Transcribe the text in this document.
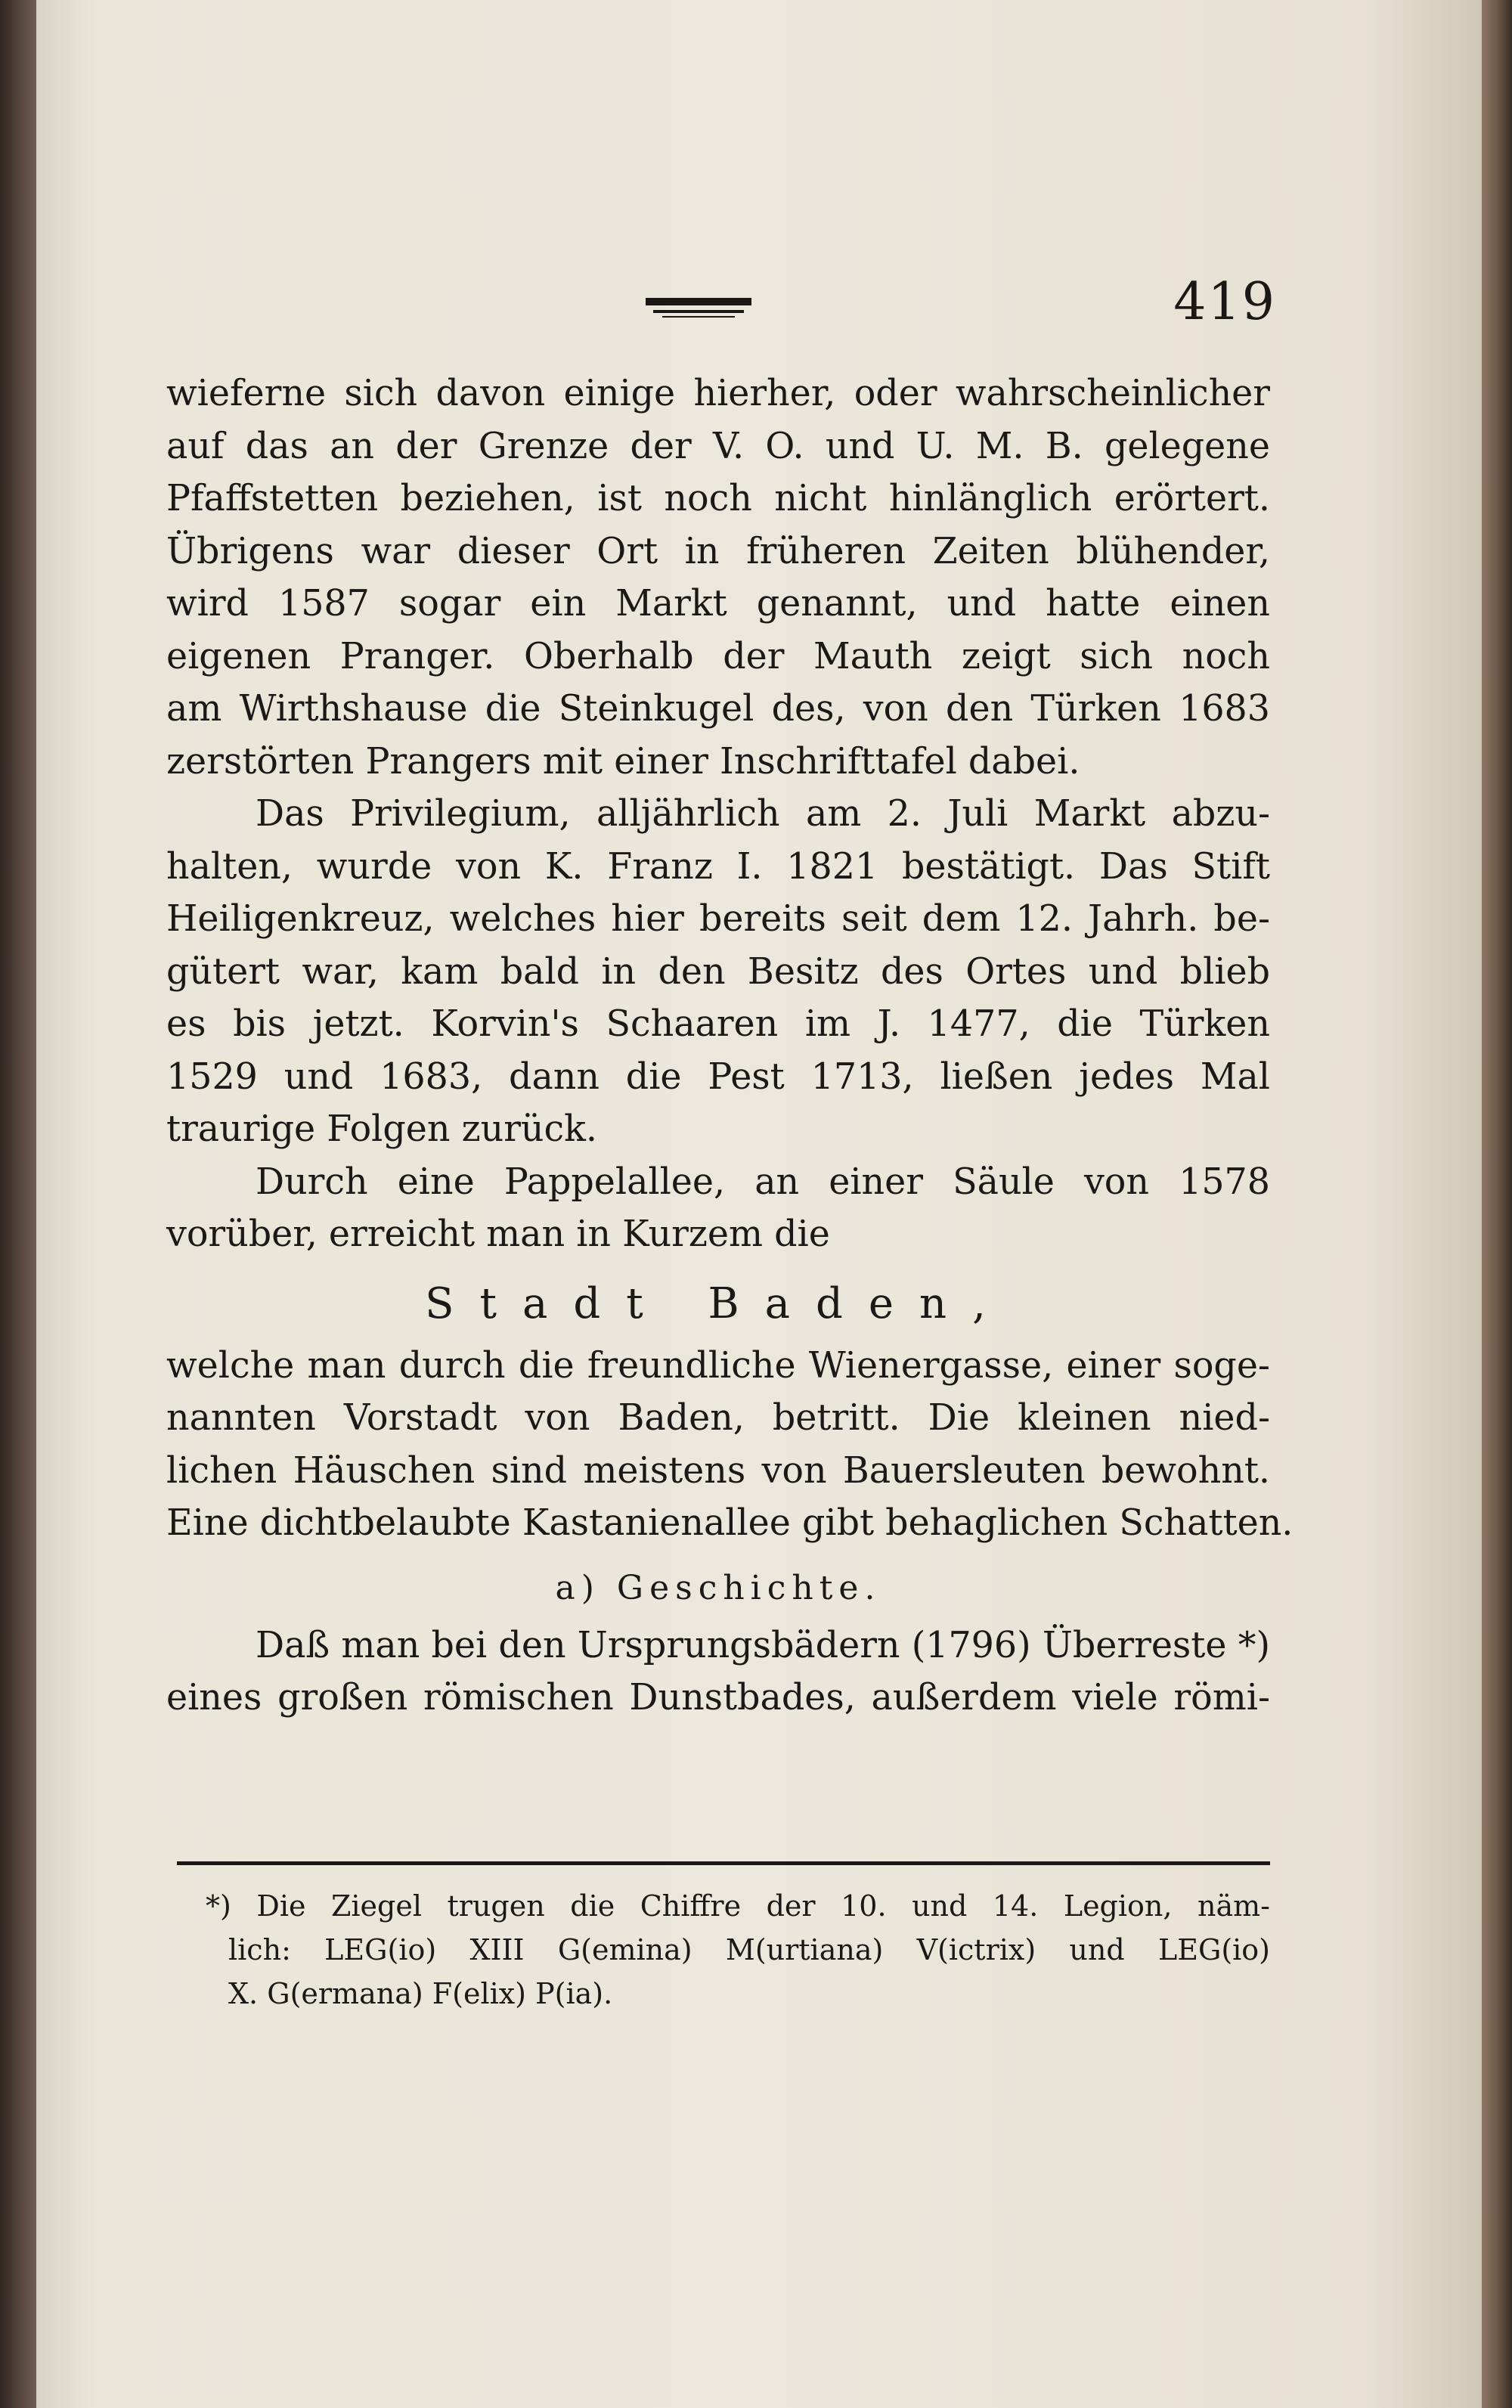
419
wieferne sich davon einige hierher, oder wahrscheinlicher
auf das an der Grenze der V. O. und U. M. B. gelegene
Pfaffstetten beziehen, ist noch nicht hinlänglich erörtert.
Übrigens war dieser Ort in früheren Zeiten blühender,
wird 1587 sogar ein Markt genannt, und hatte einen
eigenen Pranger. Oberhalb der Mauth zeigt sich noch
am Wirthshause die Steinkugel des, von den Türken 1683
zerstörten Prangers mit einer Inschrifttafel dabei.
Das Privilegium, alljährlich am 2. Juli Markt abzu-
halten, wurde von K. Franz I. 1821 bestätigt. Das Stift
Heiligenkreuz, welches hier bereits seit dem 12. Jahrh. be-
gütert war, kam bald in den Besitz des Ortes und blieb
es bis jetzt. Korvin's Schaaren im J. 1477, die Türken
1529 und 1683, dann die Pest 1713, ließen jedes Mal
traurige Folgen zurück.
Durch eine Pappelallee, an einer Säule von 1578
vorüber, erreicht man in Kurzem die
Stadt Baden,
welche man durch die freundliche Wienergasse, einer soge-
nannten Vorstadt von Baden, betritt. Die kleinen nied-
lichen Häuschen sind meistens von Bauersleuten bewohnt.
Eine dichtbelaubte Kastanienallee gibt behaglichen Schatten.
a) Geschichte.
Daß man bei den Ursprungsbädern (1796) Überreste *)
eines großen römischen Dunstbades, außerdem viele römi-
*) Die Ziegel trugen die Chiffre der 10. und 14. Legion, näm-
lich: LEG(io) XIII G(emina) M(urtiana) V(ictrix) und LEG(io)
X. G(ermana) F(elix) P(ia).
